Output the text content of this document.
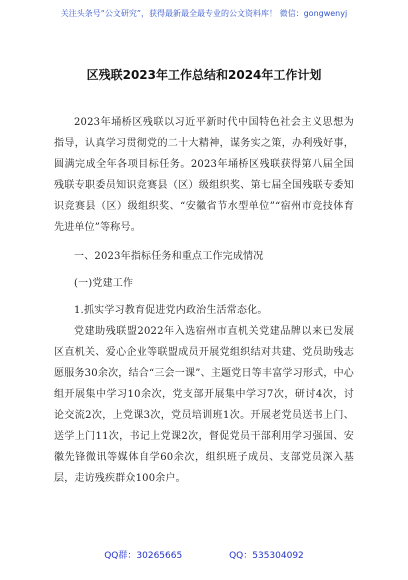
关注头条号“公文研究”，获得最新最全最专业的公文资料库！ 微信：gongwenyj
区残联2023年工作总结和2024年工作计划

2023年埇桥区残联以习近平新时代中国特色社会主义思想为指导，认真学习贯彻党的二十大精神，谋务实之策，办利残好事，圆满完成全年各项目标任务。2023年埇桥区残联获得第八届全国残联专职委员知识竞赛县（区）级组织奖、第七届全国残联专委知识竞赛县（区）级组织奖、“安徽省节水型单位”“宿州市竞技体育先进单位”等称号。

一、2023年指标任务和重点工作完成情况

(一)党建工作

1.抓实学习教育促进党内政治生活常态化。

党建助残联盟2022年入选宿州市直机关党建品牌以来已发展区直机关、爱心企业等联盟成员开展党组织结对共建、党员助残志愿服务30余次，结合“三会一课”、主题党日等丰富学习形式，中心组开展集中学习10余次，党支部开展集中学习7次，研讨4次，讨论交流2次，上党课3次，党员培训班1次。开展老党员送书上门、送学上门11次，书记上党课2次，督促党员干部利用学习强国、安徽先锋微讯等媒体自学60余次，组织班子成员、支部党员深入基层，走访残疾群众100余户。

QQ群：30265665	QQ：535304092
